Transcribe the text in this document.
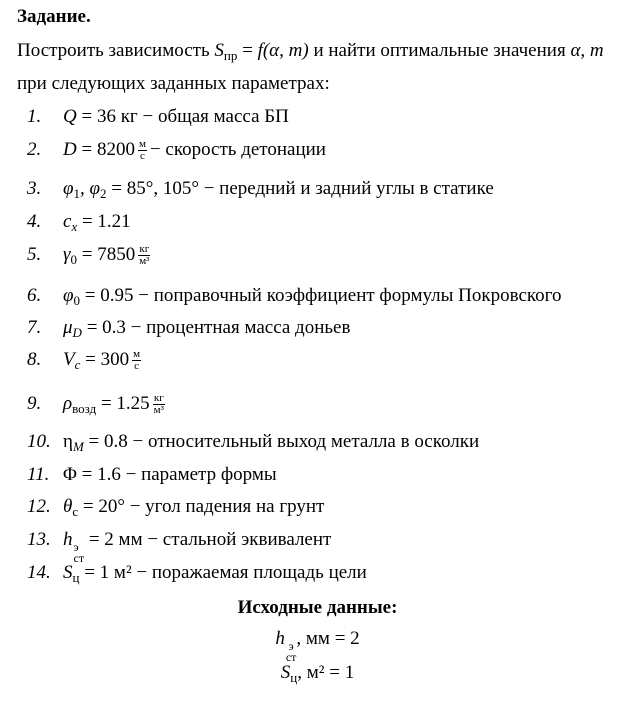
Задание.
Построить зависимость $S_{пр} = f(\alpha$, m) и найти оптимальные значения α, m
при следующих заданных параметрах:
1. Q = 36 кг − общая масса БП
2. $D = 8200 \frac{м}{с}$ − скорость детонации
3. $\varphi_1$, $\varphi_2 = 85^\circ$, 105° − передний и задний углы в статике
4. $c_x = 1.21$
5. $\gamma_0 = 7850 \frac{кг}{\text{м³}}$
6. $\varphi_0 = 0.95$ − поправочный коэффициент формулы Покровского
7. $\mu_D = 0.3$ − процентная масса доньев
8. $V_c = 300 \frac{м}{с}$
9. $\rho_{возд} = 1.25 \frac{кг}{\text{м³}}$
10. $\eta_M = 0.8$ − относительный выход металла в осколки
11. Φ = 1.6 − параметр формы
12. $\theta_c = 20^\circ$ − угол падения на грунт
13. h э
ст
= 2 мм − стальной эквивалент
14. $S_ц = 1$ м² − поражаемая площадь цели
Исходные данные:
h э
ст
, мм = 2
$S_ц$, м² = 1
